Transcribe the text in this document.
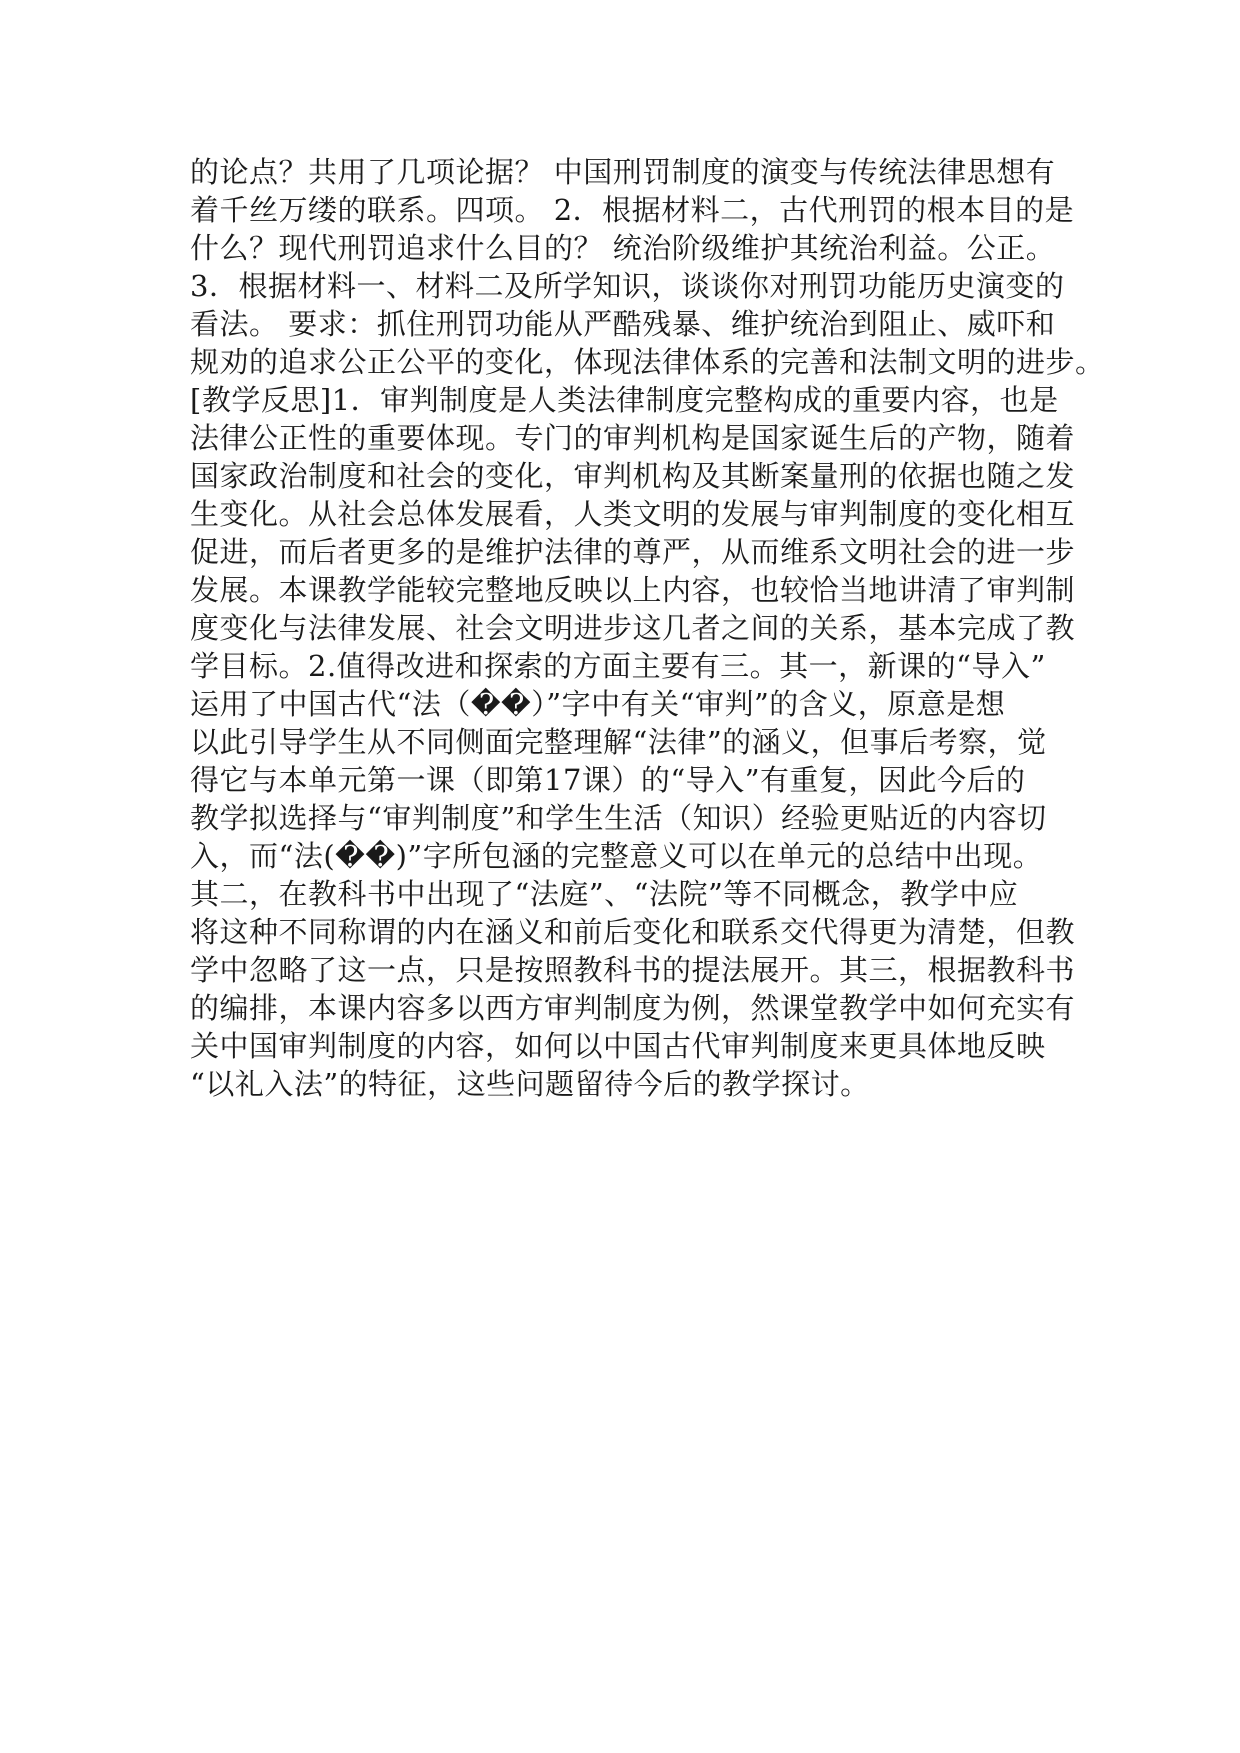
的论点？共用了几项论据？ 中国刑罚制度的演变与传统法律思想有
着千丝万缕的联系。四项。 2．根据材料二，古代刑罚的根本目的是
什么？现代刑罚追求什么目的？ 统治阶级维护其统治利益。公正。
3．根据材料一、材料二及所学知识，谈谈你对刑罚功能历史演变的
看法。 要求：抓住刑罚功能从严酷残暴、维护统治到阻止、威吓和
规劝的追求公正公平的变化，体现法律体系的完善和法制文明的进步。
[教学反思]1．审判制度是人类法律制度完整构成的重要内容，也是
法律公正性的重要体现。专门的审判机构是国家诞生后的产物，随着
国家政治制度和社会的变化，审判机构及其断案量刑的依据也随之发
生变化。从社会总体发展看，人类文明的发展与审判制度的变化相互
促进，而后者更多的是维护法律的尊严，从而维系文明社会的进一步
发展。本课教学能较完整地反映以上内容，也较恰当地讲清了审判制
度变化与法律发展、社会文明进步这几者之间的关系，基本完成了教
学目标。2.值得改进和探索的方面主要有三。其一，新课的“导入”
运用了中国古代“法（��）”字中有关“审判”的含义，原意是想
以此引导学生从不同侧面完整理解“法律”的涵义，但事后考察，觉
得它与本单元第一课（即第17课）的“导入”有重复，因此今后的
教学拟选择与“审判制度”和学生生活（知识）经验更贴近的内容切
入，而“法(��)”字所包涵的完整意义可以在单元的总结中出现。
其二，在教科书中出现了“法庭”、“法院”等不同概念，教学中应
将这种不同称谓的内在涵义和前后变化和联系交代得更为清楚，但教
学中忽略了这一点，只是按照教科书的提法展开。其三，根据教科书
的编排，本课内容多以西方审判制度为例，然课堂教学中如何充实有
关中国审判制度的内容，如何以中国古代审判制度来更具体地反映
“以礼入法”的特征，这些问题留待今后的教学探讨。
